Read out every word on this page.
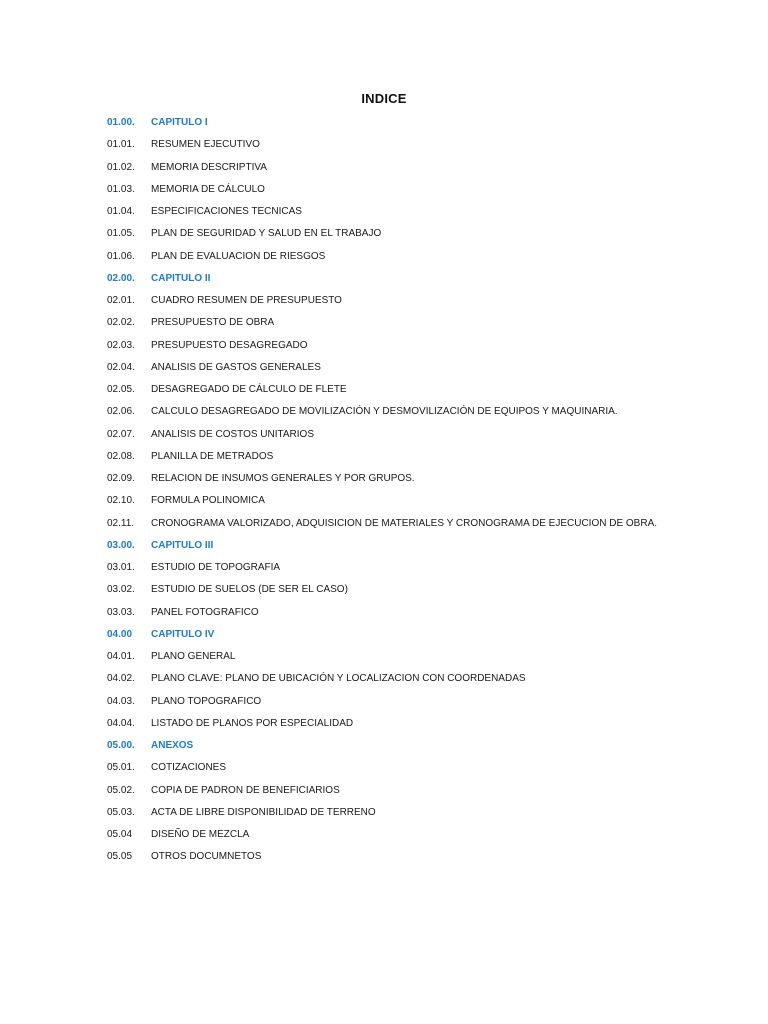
INDICE
01.00.	CAPITULO I
01.01.	RESUMEN EJECUTIVO
01.02.	MEMORIA DESCRIPTIVA
01.03.	MEMORIA DE CÁLCULO
01.04.	ESPECIFICACIONES TECNICAS
01.05.	PLAN DE SEGURIDAD Y SALUD EN EL TRABAJO
01.06.	PLAN DE EVALUACION DE RIESGOS
02.00.	CAPITULO II
02.01.	CUADRO RESUMEN DE PRESUPUESTO
02.02.	PRESUPUESTO DE OBRA
02.03.	PRESUPUESTO DESAGREGADO
02.04.	ANALISIS DE GASTOS GENERALES
02.05.	DESAGREGADO DE CÁLCULO DE FLETE
02.06.	CALCULO DESAGREGADO DE MOVILIZACIÓN Y DESMOVILIZACIÓN DE EQUIPOS Y MAQUINARIA.
02.07.	ANALISIS DE COSTOS UNITARIOS
02.08.	PLANILLA DE METRADOS
02.09.	RELACION DE INSUMOS GENERALES Y POR GRUPOS.
02.10.	FORMULA POLINOMICA
02.11.	CRONOGRAMA VALORIZADO, ADQUISICION DE MATERIALES Y CRONOGRAMA DE EJECUCION DE OBRA.
03.00.	CAPITULO III
03.01.	ESTUDIO DE TOPOGRAFIA
03.02.	ESTUDIO DE SUELOS (DE SER EL CASO)
03.03.	PANEL FOTOGRAFICO
04.00	CAPITULO IV
04.01.	PLANO GENERAL
04.02.	PLANO CLAVE: PLANO DE UBICACIÓN Y LOCALIZACION CON COORDENADAS
04.03.	PLANO TOPOGRAFICO
04.04.	LISTADO DE PLANOS POR ESPECIALIDAD
05.00.	ANEXOS
05.01.	COTIZACIONES
05.02.	COPIA DE PADRON DE BENEFICIARIOS
05.03.	ACTA DE LIBRE DISPONIBILIDAD DE TERRENO
05.04	DISEÑO DE MEZCLA
05.05	OTROS DOCUMNETOS
